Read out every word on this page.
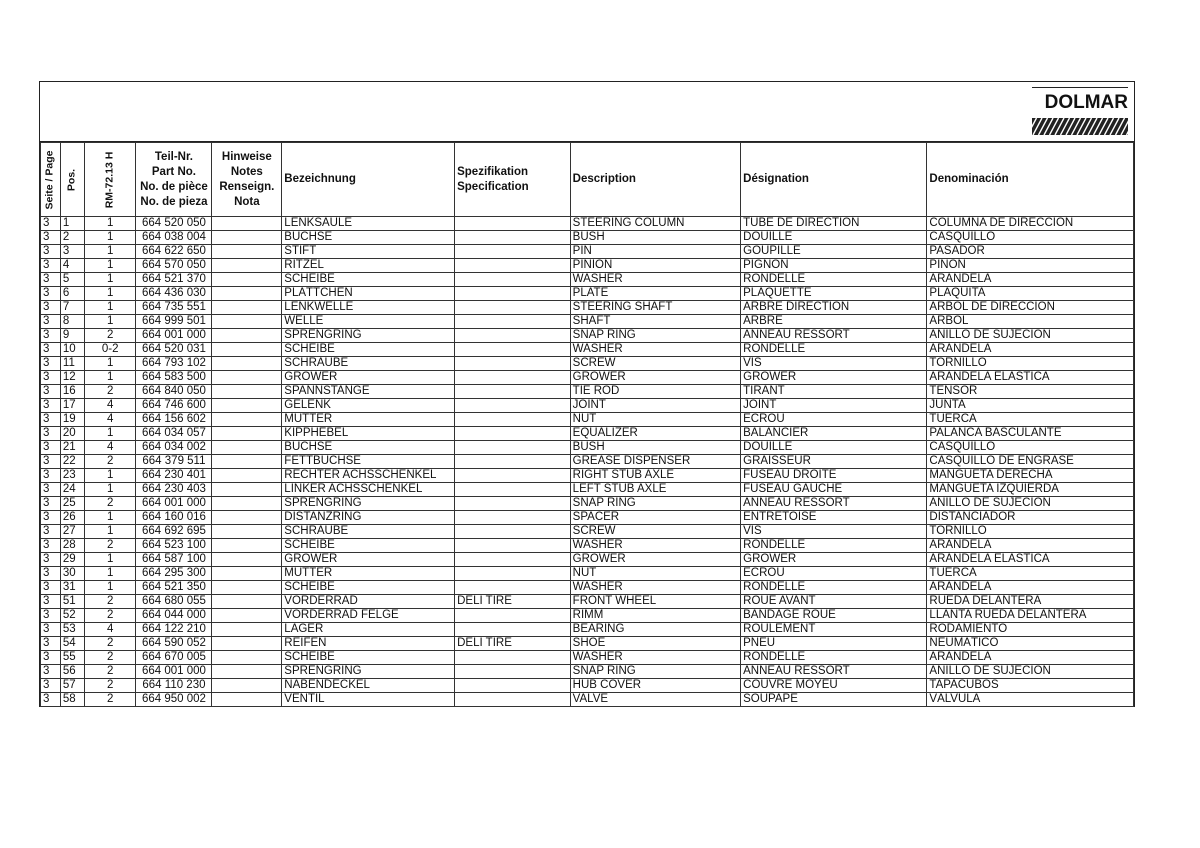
DOLMAR
Seite / Page	Pos.	RM-72.13 H	Teil-Nr.
Part No.
No. de pièce
No. de pieza	Hinweise
Notes
Renseign.
Nota	Bezeichnung	Spezifikation
Specification	Description	Désignation	Denominación
3	1	1	664 520 050		LENKSÄULE		STEERING COLUMN	TUBE DE DIRECTION	COLUMNA DE DIRECCIÓN
3	2	1	664 038 004		BUCHSE		BUSH	DOUILLE	CASQUILLO
3	3	1	664 622 650		STIFT		PIN	GOUPILLE	PASADOR
3	4	1	664 570 050		RITZEL		PINION	PIGNON	PIÑÓN
3	5	1	664 521 370		SCHEIBE		WASHER	RONDELLE	ARANDELA
3	6	1	664 436 030		PLÄTTCHEN		PLATE	PLAQUETTE	PLAQUITA
3	7	1	664 735 551		LENKWELLE		STEERING SHAFT	ARBRE DIRECTION	ÁRBOL DE DIRECCIÓN
3	8	1	664 999 501		WELLE		SHAFT	ARBRE	ÁRBOL
3	9	2	664 001 000		SPRENGRING		SNAP RING	ANNEAU RESSORT	ANILLO DE SUJECIÓN
3	10	0-2	664 520 031		SCHEIBE		WASHER	RONDELLE	ARANDELA
3	11	1	664 793 102		SCHRAUBE		SCREW	VIS	TORNILLO
3	12	1	664 583 500		GROWER		GROWER	GROWER	ARANDELA ELÁSTICA
3	16	2	664 840 050		SPANNSTANGE		TIE ROD	TIRANT	TENSOR
3	17	4	664 746 600		GELENK		JOINT	JOINT	JUNTA
3	19	4	664 156 602		MUTTER		NUT	ECROU	TUERCA
3	20	1	664 034 057		KIPPHEBEL		EQUALIZER	BALANCIER	PALANCA BASCULANTE
3	21	4	664 034 002		BUCHSE		BUSH	DOUILLE	CASQUILLO
3	22	2	664 379 511		FETTBUCHSE		GREASE DISPENSER	GRAISSEUR	CASQUILLO DE ENGRASE
3	23	1	664 230 401		RECHTER ACHSSCHENKEL		RIGHT STUB AXLE	FUSEAU DROITE	MANGUETA DERECHA
3	24	1	664 230 403		LINKER ACHSSCHENKEL		LEFT STUB AXLE	FUSEAU GAUCHE	MANGUETA IZQUIERDA
3	25	2	664 001 000		SPRENGRING		SNAP RING	ANNEAU RESSORT	ANILLO DE SUJECIÓN
3	26	1	664 160 016		DISTANZRING		SPACER	ENTRETOISE	DISTANCIADOR
3	27	1	664 692 695		SCHRAUBE		SCREW	VIS	TORNILLO
3	28	2	664 523 100		SCHEIBE		WASHER	RONDELLE	ARANDELA
3	29	1	664 587 100		GROWER		GROWER	GROWER	ARANDELA ELÁSTICA
3	30	1	664 295 300		MUTTER		NUT	ECROU	TUERCA
3	31	1	664 521 350		SCHEIBE		WASHER	RONDELLE	ARANDELA
3	51	2	664 680 055		VORDERRAD	DELI TIRE	FRONT WHEEL	ROUE AVANT	RUEDA DELANTERA
3	52	2	664 044 000		VORDERRAD FELGE		RIMM	BANDAGE ROUE	LLANTA RUEDA DELANTERA
3	53	4	664 122 210		LAGER		BEARING	ROULEMENT	RODAMIENTO
3	54	2	664 590 052		REIFEN	DELI TIRE	SHOE	PNEU	NEUMÁTICO
3	55	2	664 670 005		SCHEIBE		WASHER	RONDELLE	ARANDELA
3	56	2	664 001 000		SPRENGRING		SNAP RING	ANNEAU RESSORT	ANILLO DE SUJECIÓN
3	57	2	664 110 230		NABENDECKEL		HUB COVER	COUVRE MOYEU	TAPACUBOS
3	58	2	664 950 002		VENTIL		VALVE	SOUPAPE	VÁLVULA
